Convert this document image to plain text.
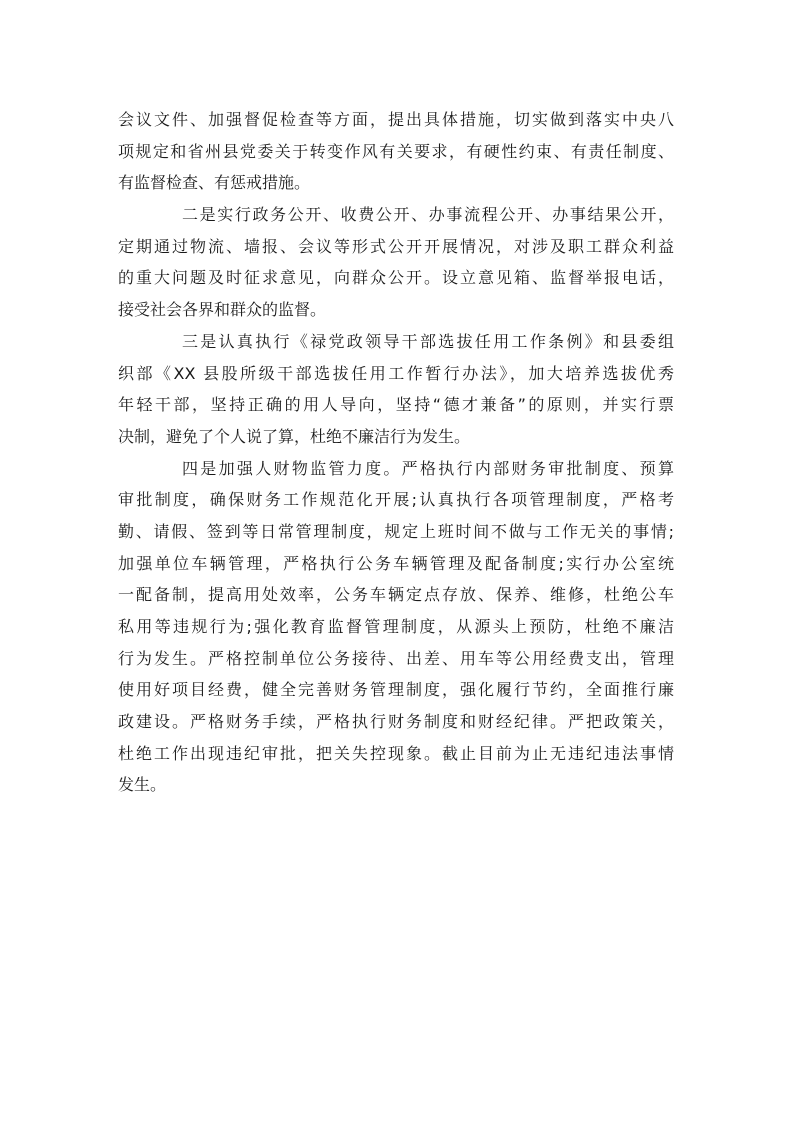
会议文件、加强督促检查等方面，提出具体措施，切实做到落实中央八
项规定和省州县党委关于转变作风有关要求，有硬性约束、有责任制度、
有监督检查、有惩戒措施。
二是实行政务公开、收费公开、办事流程公开、办事结果公开，
定期通过物流、墙报、会议等形式公开开展情况，对涉及职工群众利益
的重大问题及时征求意见，向群众公开。设立意见箱、监督举报电话，
接受社会各界和群众的监督。
三是认真执行《禄党政领导干部选拔任用工作条例》和县委组
织部《XX 县股所级干部选拔任用工作暂行办法》，加大培养选拔优秀
年轻干部，坚持正确的用人导向，坚持“德才兼备”的原则，并实行票
决制，避免了个人说了算，杜绝不廉洁行为发生。
四是加强人财物监管力度。严格执行内部财务审批制度、预算
审批制度，确保财务工作规范化开展;认真执行各项管理制度，严格考
勤、请假、签到等日常管理制度，规定上班时间不做与工作无关的事情;
加强单位车辆管理，严格执行公务车辆管理及配备制度;实行办公室统
一配备制，提高用处效率，公务车辆定点存放、保养、维修，杜绝公车
私用等违规行为;强化教育监督管理制度，从源头上预防，杜绝不廉洁
行为发生。严格控制单位公务接待、出差、用车等公用经费支出，管理
使用好项目经费，健全完善财务管理制度，强化履行节约，全面推行廉
政建设。严格财务手续，严格执行财务制度和财经纪律。严把政策关，
杜绝工作出现违纪审批，把关失控现象。截止目前为止无违纪违法事情
发生。
